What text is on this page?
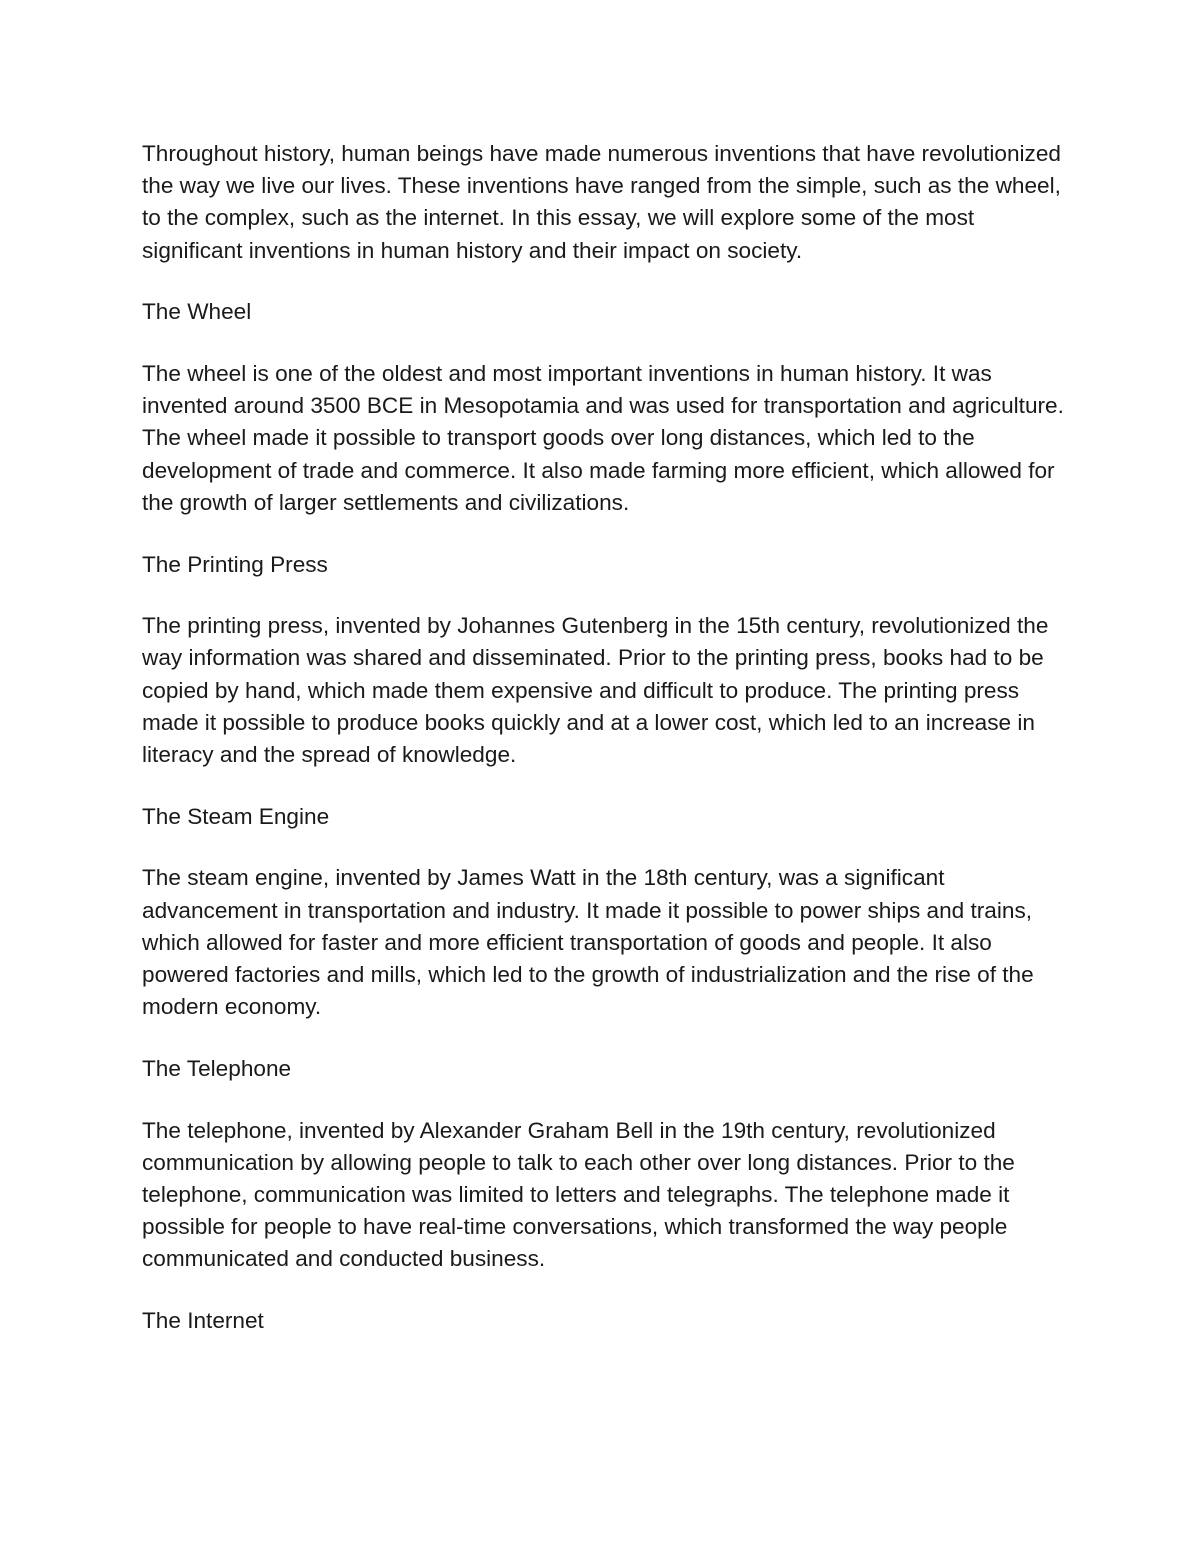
Throughout history, human beings have made numerous inventions that have revolutionized the way we live our lives. These inventions have ranged from the simple, such as the wheel, to the complex, such as the internet. In this essay, we will explore some of the most significant inventions in human history and their impact on society.

The Wheel

The wheel is one of the oldest and most important inventions in human history. It was invented around 3500 BCE in Mesopotamia and was used for transportation and agriculture. The wheel made it possible to transport goods over long distances, which led to the development of trade and commerce. It also made farming more efficient, which allowed for the growth of larger settlements and civilizations.

The Printing Press

The printing press, invented by Johannes Gutenberg in the 15th century, revolutionized the way information was shared and disseminated. Prior to the printing press, books had to be copied by hand, which made them expensive and difficult to produce. The printing press made it possible to produce books quickly and at a lower cost, which led to an increase in literacy and the spread of knowledge.

The Steam Engine

The steam engine, invented by James Watt in the 18th century, was a significant advancement in transportation and industry. It made it possible to power ships and trains, which allowed for faster and more efficient transportation of goods and people. It also powered factories and mills, which led to the growth of industrialization and the rise of the modern economy.

The Telephone

The telephone, invented by Alexander Graham Bell in the 19th century, revolutionized communication by allowing people to talk to each other over long distances. Prior to the telephone, communication was limited to letters and telegraphs. The telephone made it possible for people to have real-time conversations, which transformed the way people communicated and conducted business.

The Internet
